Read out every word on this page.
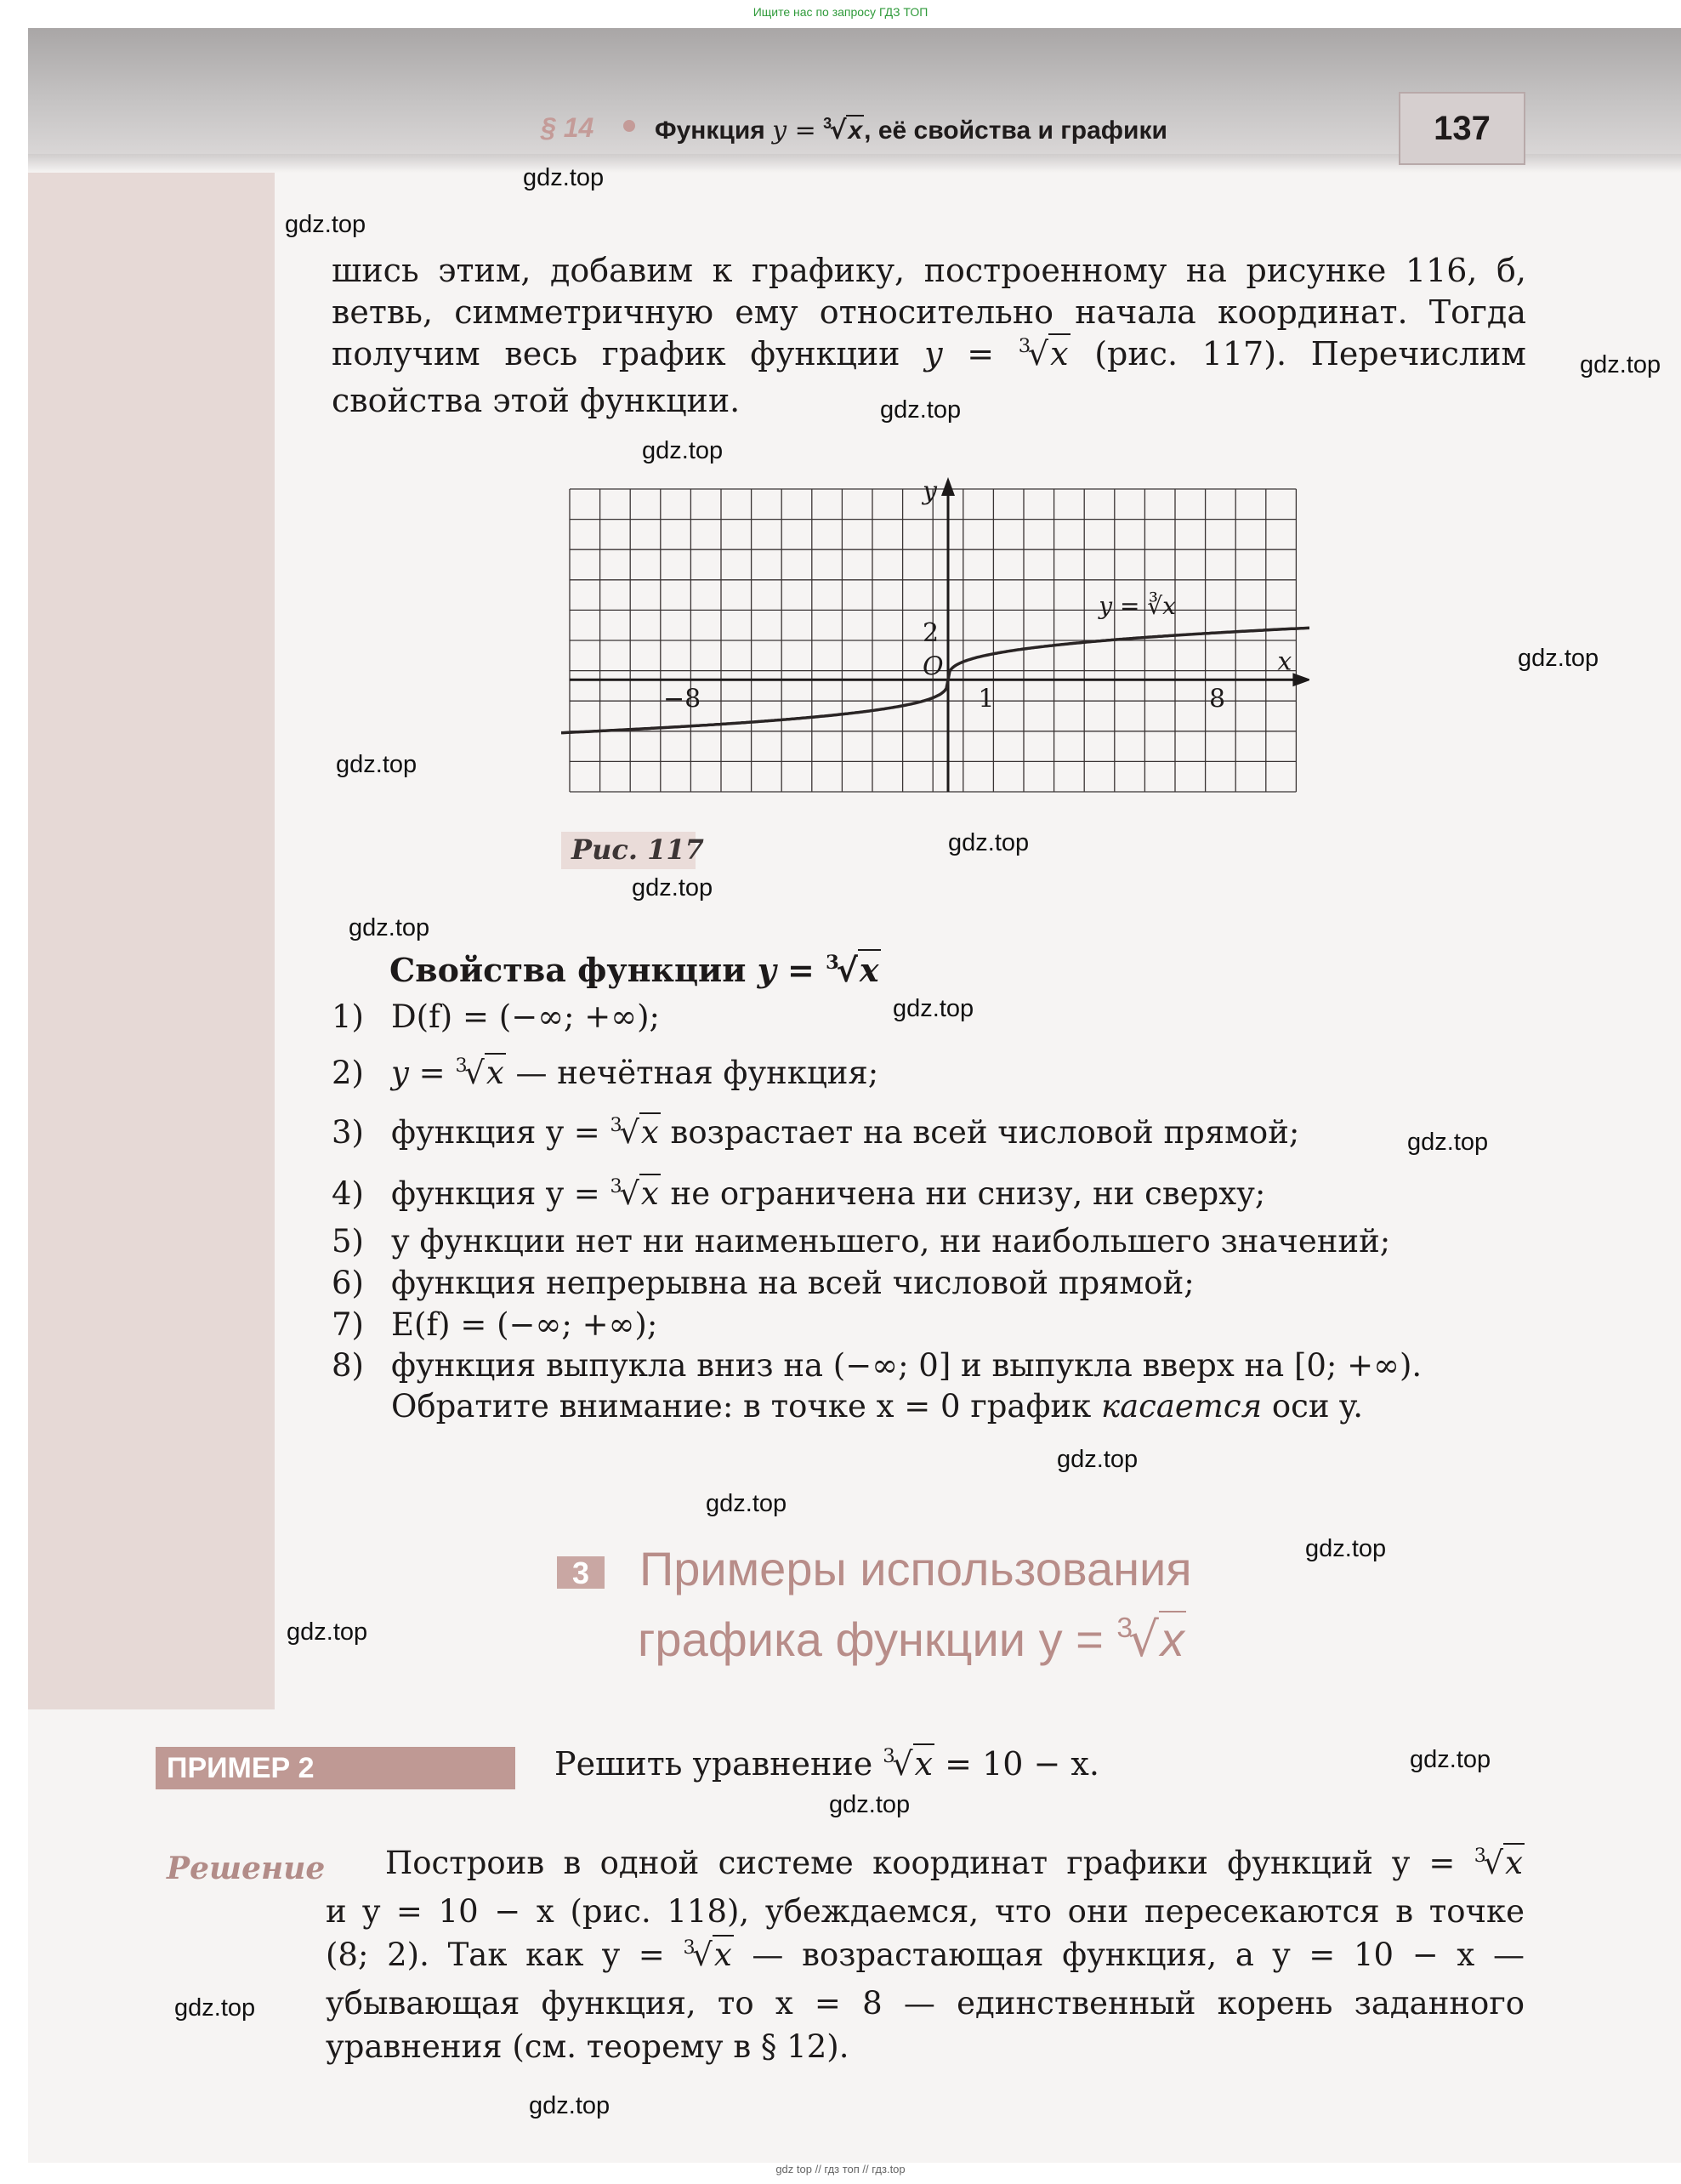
Ищите нас по запросу ГДЗ ТОП
§ 14 Функция y = $^3$√x, её свойства и графики	137
gdz.top
gdz.top
gdz.top
gdz.top
gdz.top
gdz.top
gdz.top
gdz.top
gdz.top
gdz.top
gdz.top
gdz.top
gdz.top
gdz.top
gdz.top
gdz.top
gdz.top
gdz.top
gdz.top
gdz.top
шись этим, добавим к графику, построенному на рисунке 116, б,
ветвь, симметричную ему относительно начала координат. Тогда
получим весь график функции y = $^3$√x (рис. 117). Перечислим
свойства этой функции.
y
x
O
2
−8	1	8
y = ∛x
Рис. 117
Свойства функции y = $^3$√x
1) D(f) = (−∞; +∞);
2) y = $^3$√x — нечётная функция;
3) функция y = $^3$√x возрастает на всей числовой прямой;
4) функция y = $^3$√x не ограничена ни снизу, ни сверху;
5) у функции нет ни наименьшего, ни наибольшего значений;
6) функция непрерывна на всей числовой прямой;
7) E(f) = (−∞; +∞);
8) функция выпукла вниз на (−∞; 0] и выпукла вверх на [0; +∞).
Обратите внимание: в точке x = 0 график касается оси y.
3	Примеры использования
графика функции y = $^3$√x
ПРИМЕР 2	Решить уравнение $^3$√x = 10 − x.
Решение	Построив в одной системе координат графики функций y = $^3$√x
и y = 10 − x (рис. 118), убеждаемся, что они пересекаются в точке
(8; 2). Так как y = $^3$√x — возрастающая функция, а y = 10 − x —
убывающая функция, то x = 8 — единственный корень заданного
уравнения (см. теорему в § 12).
gdz top // гдз топ // гдз.top
